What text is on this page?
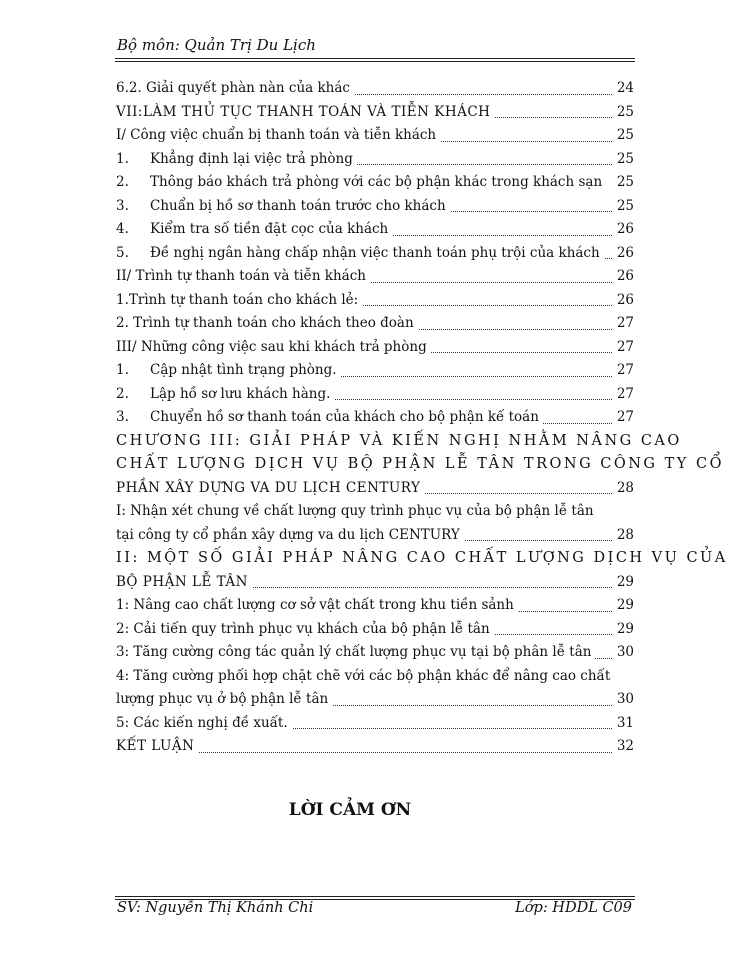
Bộ môn: Quản Trị Du Lịch
6.2. Giải quyết phàn nàn của khác	24
VII:LÀM THỦ TỤC THANH TOÁN VÀ TIỄN KHÁCH	25
I/ Công việc chuẩn bị thanh toán và tiễn khách	25
1. Khẳng định lại việc trả phòng	25
2. Thông báo khách trả phòng với các bộ phận khác trong khách sạn 25
3. Chuẩn bị hồ sơ thanh toán trước cho khách	25
4. Kiểm tra số tiền đặt cọc của khách	26
5. Đề nghị ngân hàng chấp nhận việc thanh toán phụ trội của khách 26
II/ Trình tự thanh toán và tiễn khách	26
1.Trình tự thanh toán cho khách lẻ:	26
2. Trình tự thanh toán cho khách theo đoàn	27
III/ Những công việc sau khi khách trả phòng	27
1. Cập nhật tình trạng phòng.	27
2. Lập hồ sơ lưu khách hàng.	27
3. Chuyển hồ sơ thanh toán của khách cho bộ phận kế toán	27
CHƯƠNG III: GIẢI PHÁP VÀ KIẾN NGHỊ NHẰM NÂNG CAO
CHẤT LƯỢNG DỊCH VỤ BỘ PHẬN LỄ TÂN TRONG CÔNG TY CỔ
PHẦN XÂY DỰNG VA DU LỊCH CENTURY	28
I: Nhận xét chung về chất lượng quy trình phục vụ của bộ phận lễ tân
tại công ty cổ phần xây dựng va du lịch CENTURY	28
II: MỘT SỐ GIẢI PHÁP NÂNG CAO CHẤT LƯỢNG DỊCH VỤ CỦA
BỘ PHẬN LỄ TÂN	29
1: Nâng cao chất lượng cơ sở vật chất trong khu tiền sảnh	29
2: Cải tiến quy trình phục vụ khách của bộ phận lễ tân	29
3: Tăng cường công tác quản lý chất lượng phục vụ tại bộ phân lễ tân 30
4: Tăng cường phối hợp chặt chẽ với các bộ phận khác để nâng cao chất
lượng phục vụ ở bộ phận lễ tân	30
5: Các kiến nghị đề xuất.	31
KẾT LUẬN	32
LỜI CẢM ƠN
SV: Nguyễn Thị Khánh Chi	Lớp: HDDL C09
